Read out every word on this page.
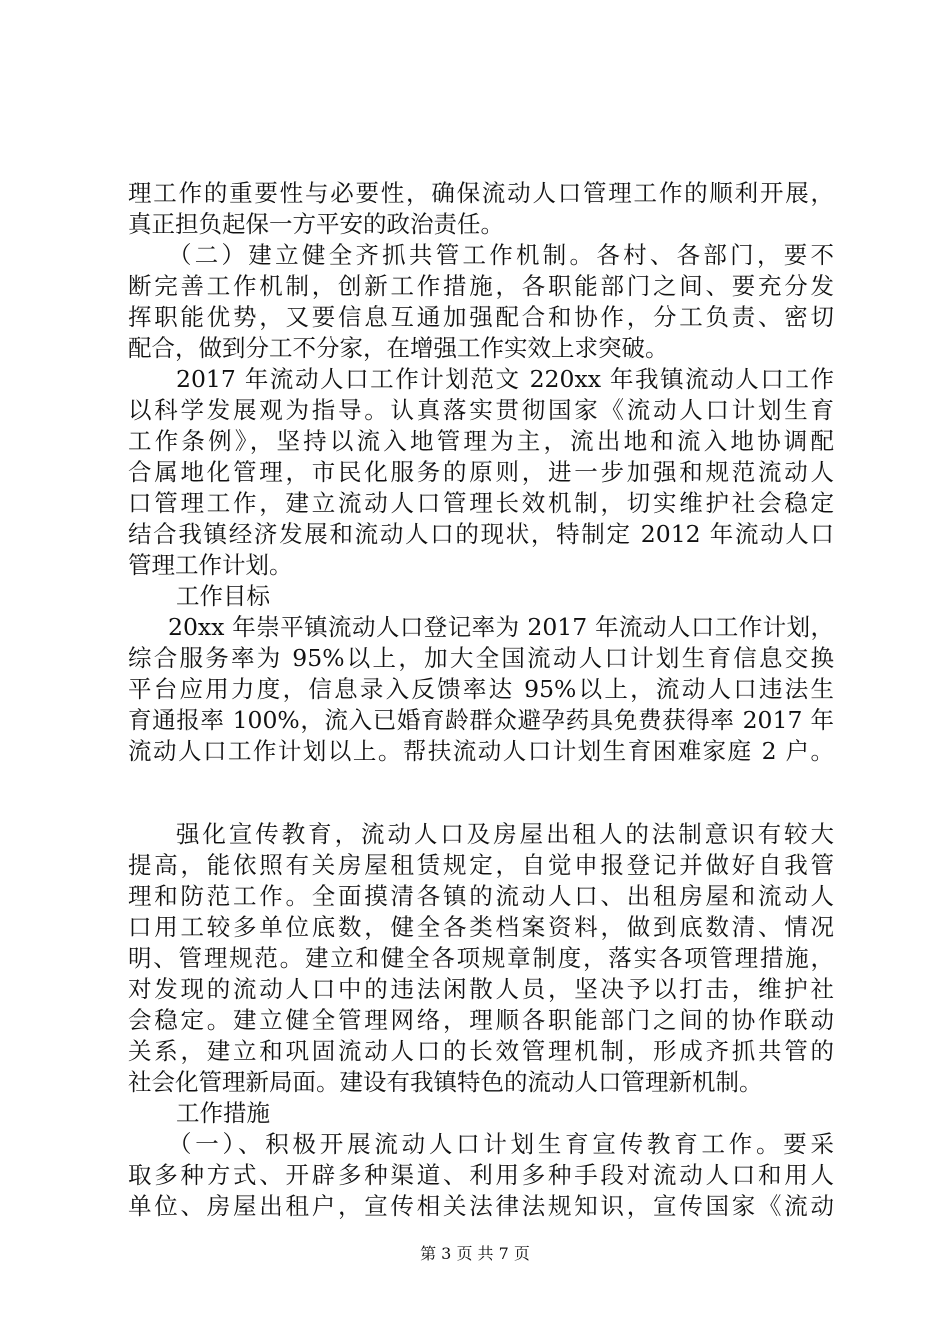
理工作的重要性与必要性，确保流动人口管理工作的顺利开展，
真正担负起保一方平安的政治责任。
（二）建立健全齐抓共管工作机制。各村、各部门，要不
断完善工作机制，创新工作措施，各职能部门之间、要充分发
挥职能优势，又要信息互通加强配合和协作，分工负责、密切
配合，做到分工不分家，在增强工作实效上求突破。
2017 年流动人口工作计划范文 220xx 年我镇流动人口工作
以科学发展观为指导。认真落实贯彻国家《流动人口计划生育
工作条例》，坚持以流入地管理为主，流出地和流入地协调配
合属地化管理，市民化服务的原则，进一步加强和规范流动人
口管理工作，建立流动人口管理长效机制，切实维护社会稳定
结合我镇经济发展和流动人口的现状，特制定 2012 年流动人口
管理工作计划。
工作目标
20xx 年崇平镇流动人口登记率为 2017 年流动人口工作计划，
综合服务率为 95%以上，加大全国流动人口计划生育信息交换
平台应用力度，信息录入反馈率达 95%以上，流动人口违法生
育通报率 100%，流入已婚育龄群众避孕药具免费获得率 2017 年
流动人口工作计划以上。帮扶流动人口计划生育困难家庭 2 户。
强化宣传教育，流动人口及房屋出租人的法制意识有较大
提高，能依照有关房屋租赁规定，自觉申报登记并做好自我管
理和防范工作。全面摸清各镇的流动人口、出租房屋和流动人
口用工较多单位底数，健全各类档案资料，做到底数清、情况
明、管理规范。建立和健全各项规章制度，落实各项管理措施，
对发现的流动人口中的违法闲散人员，坚决予以打击，维护社
会稳定。建立健全管理网络，理顺各职能部门之间的协作联动
关系，建立和巩固流动人口的长效管理机制，形成齐抓共管的
社会化管理新局面。建设有我镇特色的流动人口管理新机制。
工作措施
（一）、积极开展流动人口计划生育宣传教育工作。要采
取多种方式、开辟多种渠道、利用多种手段对流动人口和用人
单位、房屋出租户，宣传相关法律法规知识，宣传国家《流动
第 3 页 共 7 页
